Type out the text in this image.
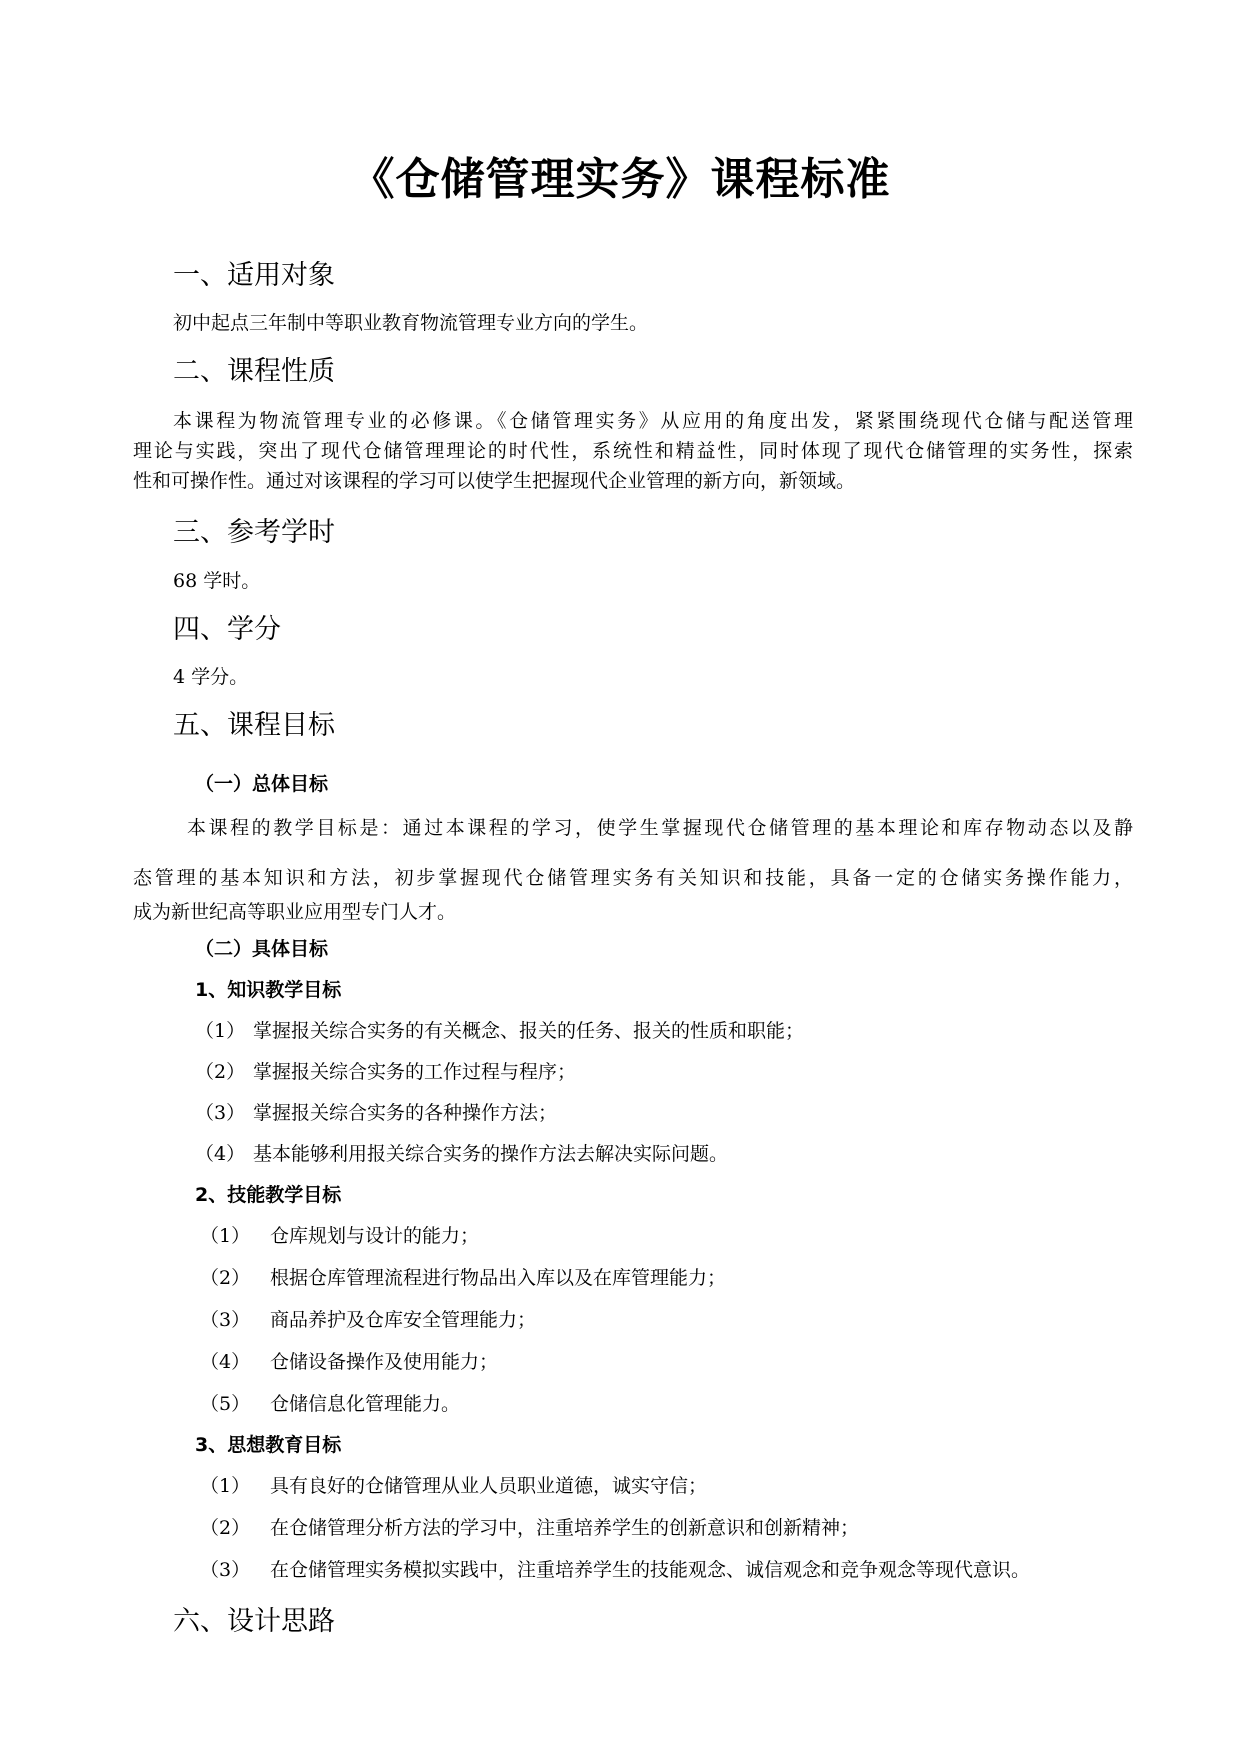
《仓储管理实务》课程标准
一、适用对象
初中起点三年制中等职业教育物流管理专业方向的学生。
二、课程性质
本课程为物流管理专业的必修课。《仓储管理实务》从应用的角度出发，紧紧围绕现代仓储与配送管理
理论与实践，突出了现代仓储管理理论的时代性，系统性和精益性，同时体现了现代仓储管理的实务性，探索
性和可操作性。通过对该课程的学习可以使学生把握现代企业管理的新方向，新领域。
三、参考学时
68 学时。
四、学分
4 学分。
五、课程目标
（一）总体目标
本课程的教学目标是：通过本课程的学习，使学生掌握现代仓储管理的基本理论和库存物动态以及静
态管理的基本知识和方法，初步掌握现代仓储管理实务有关知识和技能，具备一定的仓储实务操作能力，
成为新世纪高等职业应用型专门人才。
（二）具体目标
1、知识教学目标
（1） 掌握报关综合实务的有关概念、报关的任务、报关的性质和职能；
（2） 掌握报关综合实务的工作过程与程序；
（3） 掌握报关综合实务的各种操作方法；
（4） 基本能够利用报关综合实务的操作方法去解决实际问题。
2、技能教学目标
（1） 仓库规划与设计的能力；
（2） 根据仓库管理流程进行物品出入库以及在库管理能力；
（3） 商品养护及仓库安全管理能力；
（4） 仓储设备操作及使用能力；
（5） 仓储信息化管理能力。
3、思想教育目标
（1） 具有良好的仓储管理从业人员职业道德，诚实守信；
（2） 在仓储管理分析方法的学习中，注重培养学生的创新意识和创新精神；
（3） 在仓储管理实务模拟实践中，注重培养学生的技能观念、诚信观念和竞争观念等现代意识。
六、设计思路
